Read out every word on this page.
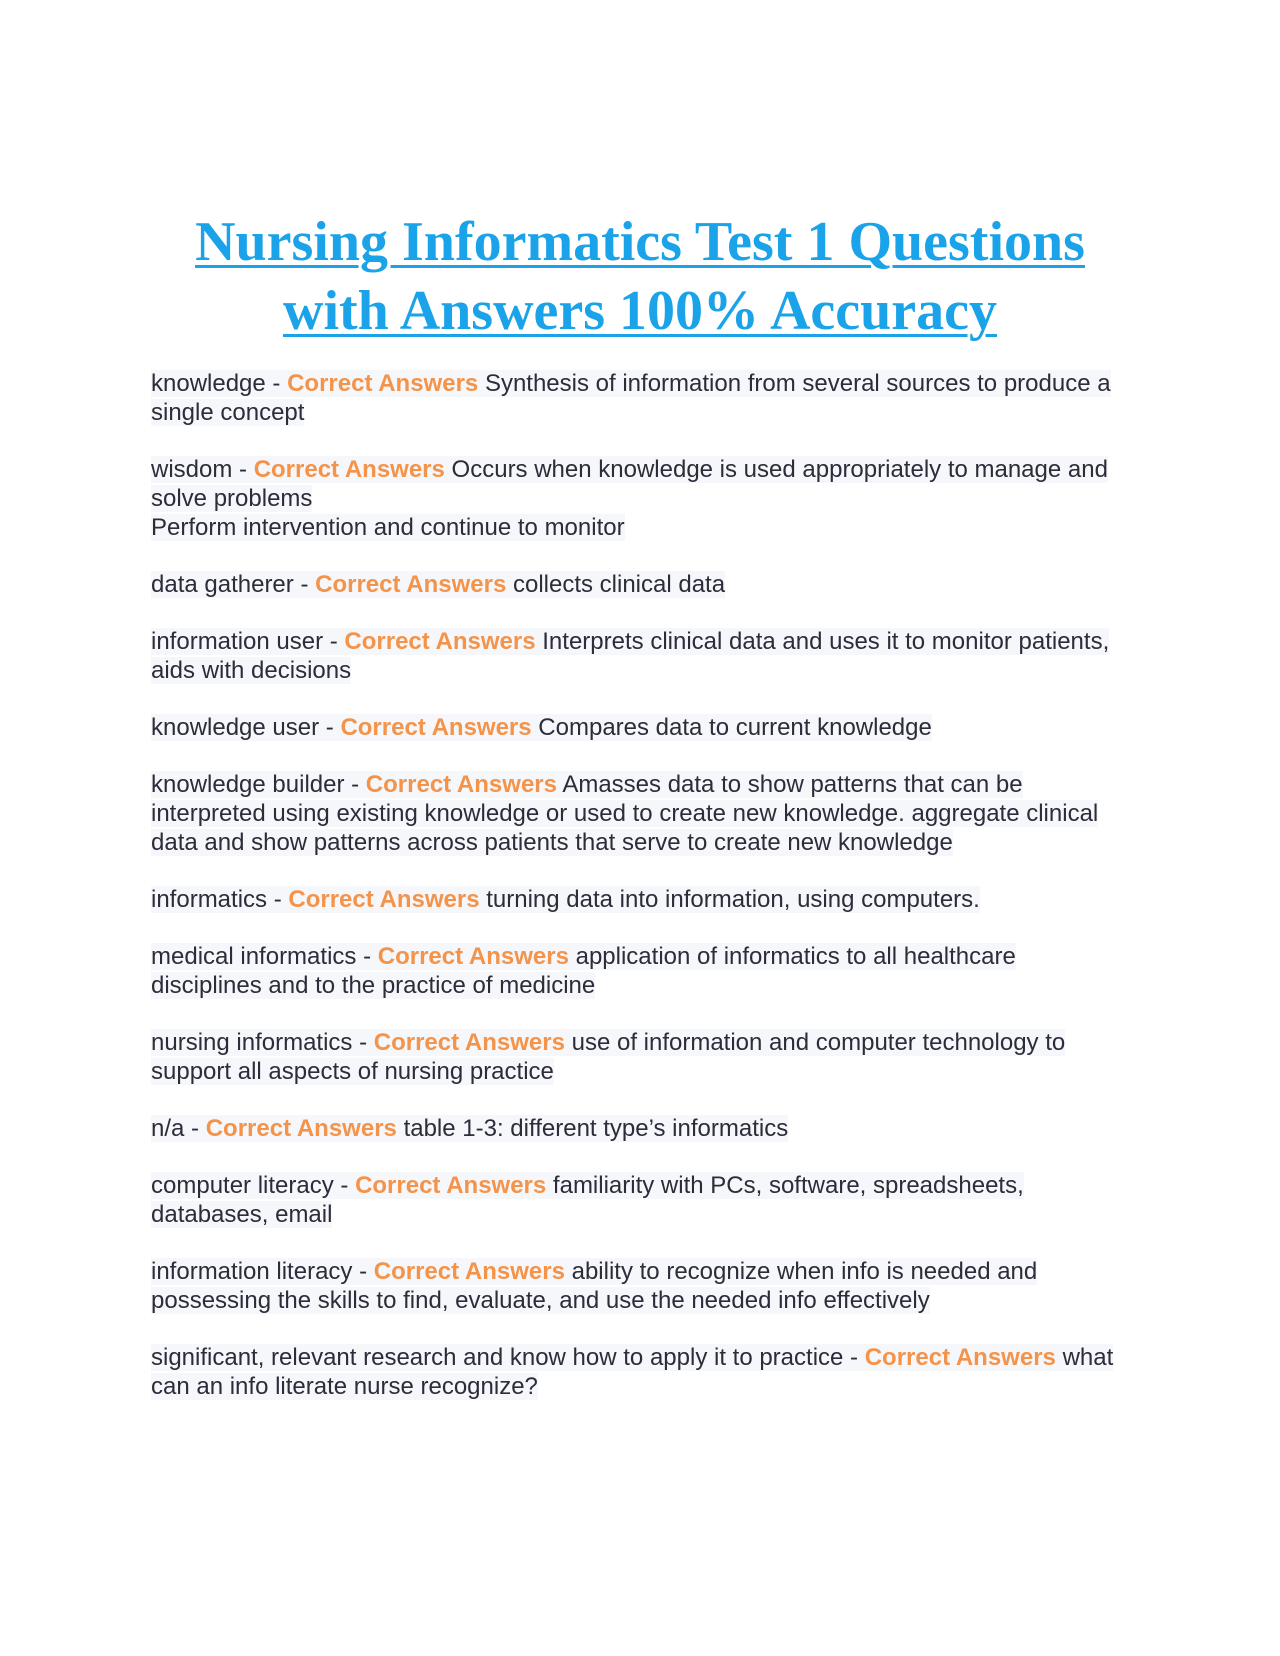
Nursing Informatics Test 1 Questions with Answers 100% Accuracy
knowledge - Correct Answers Synthesis of information from several sources to produce a single concept
wisdom - Correct Answers Occurs when knowledge is used appropriately to manage and solve problems
Perform intervention and continue to monitor
data gatherer - Correct Answers collects clinical data
information user - Correct Answers Interprets clinical data and uses it to monitor patients, aids with decisions
knowledge user - Correct Answers Compares data to current knowledge
knowledge builder - Correct Answers Amasses data to show patterns that can be interpreted using existing knowledge or used to create new knowledge. aggregate clinical data and show patterns across patients that serve to create new knowledge
informatics - Correct Answers turning data into information, using computers.
medical informatics - Correct Answers application of informatics to all healthcare disciplines and to the practice of medicine
nursing informatics - Correct Answers use of information and computer technology to support all aspects of nursing practice
n/a - Correct Answers table 1-3: different type’s informatics
computer literacy - Correct Answers familiarity with PCs, software, spreadsheets, databases, email
information literacy - Correct Answers ability to recognize when info is needed and possessing the skills to find, evaluate, and use the needed info effectively
significant, relevant research and know how to apply it to practice - Correct Answers what can an info literate nurse recognize?
